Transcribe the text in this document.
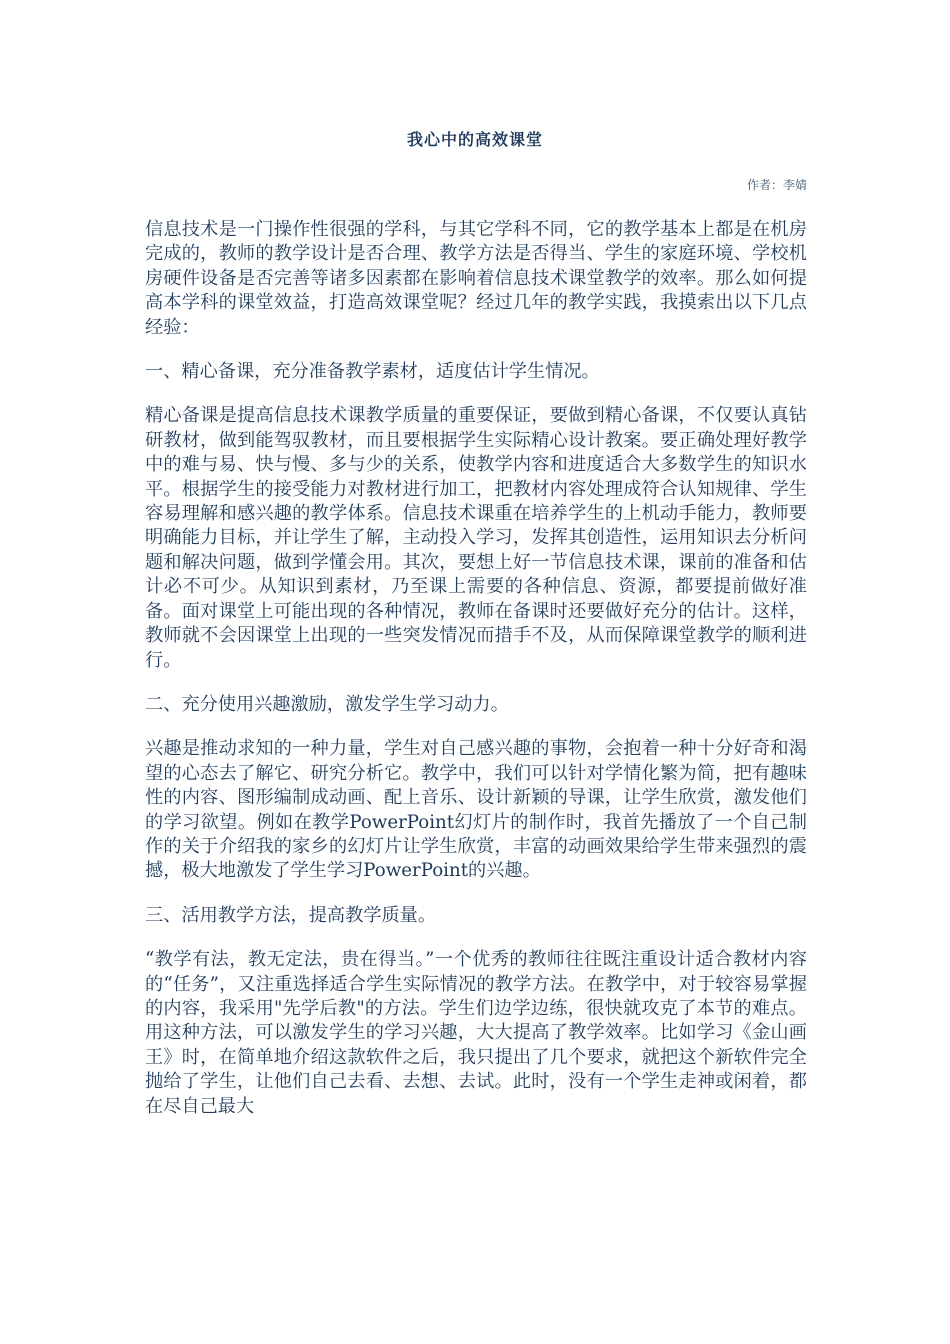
我心中的高效课堂
作者：李婧

信息技术是一门操作性很强的学科，与其它学科不同，它的教学基本上都是在机房完成的，教师的教学设计是否合理、教学方法是否得当、学生的家庭环境、学校机房硬件设备是否完善等诸多因素都在影响着信息技术课堂教学的效率。那么如何提高本学科的课堂效益，打造高效课堂呢？经过几年的教学实践，我摸索出以下几点经验：

一、精心备课，充分准备教学素材，适度估计学生情况。

精心备课是提高信息技术课教学质量的重要保证，要做到精心备课，不仅要认真钻研教材，做到能驾驭教材，而且要根据学生实际精心设计教案。要正确处理好教学中的难与易、快与慢、多与少的关系，使教学内容和进度适合大多数学生的知识水平。根据学生的接受能力对教材进行加工，把教材内容处理成符合认知规律、学生容易理解和感兴趣的教学体系。信息技术课重在培养学生的上机动手能力，教师要明确能力目标，并让学生了解，主动投入学习，发挥其创造性，运用知识去分析问题和解决问题，做到学懂会用。其次，要想上好一节信息技术课，课前的准备和估计必不可少。从知识到素材，乃至课上需要的各种信息、资源，都要提前做好准备。面对课堂上可能出现的各种情况，教师在备课时还要做好充分的估计。这样，教师就不会因课堂上出现的一些突发情况而措手不及，从而保障课堂教学的顺利进行。

二、充分使用兴趣激励，激发学生学习动力。

兴趣是推动求知的一种力量，学生对自己感兴趣的事物，会抱着一种十分好奇和渴望的心态去了解它、研究分析它。教学中，我们可以针对学情化繁为简，把有趣味性的内容、图形编制成动画、配上音乐、设计新颖的导课，让学生欣赏，激发他们的学习欲望。例如在教学PowerPoint幻灯片的制作时，我首先播放了一个自己制作的关于介绍我的家乡的幻灯片让学生欣赏，丰富的动画效果给学生带来强烈的震撼，极大地激发了学生学习PowerPoint的兴趣。

三、活用教学方法，提高教学质量。

“教学有法，教无定法，贵在得当。”一个优秀的教师往往既注重设计适合教材内容的“任务”，又注重选择适合学生实际情况的教学方法。在教学中，对于较容易掌握的内容，我采用"先学后教"的方法。学生们边学边练，很快就攻克了本节的难点。用这种方法，可以激发学生的学习兴趣，大大提高了教学效率。比如学习《金山画王》时，在简单地介绍这款软件之后，我只提出了几个要求，就把这个新软件完全抛给了学生，让他们自己去看、去想、去试。此时，没有一个学生走神或闲着，都在尽自己最大
